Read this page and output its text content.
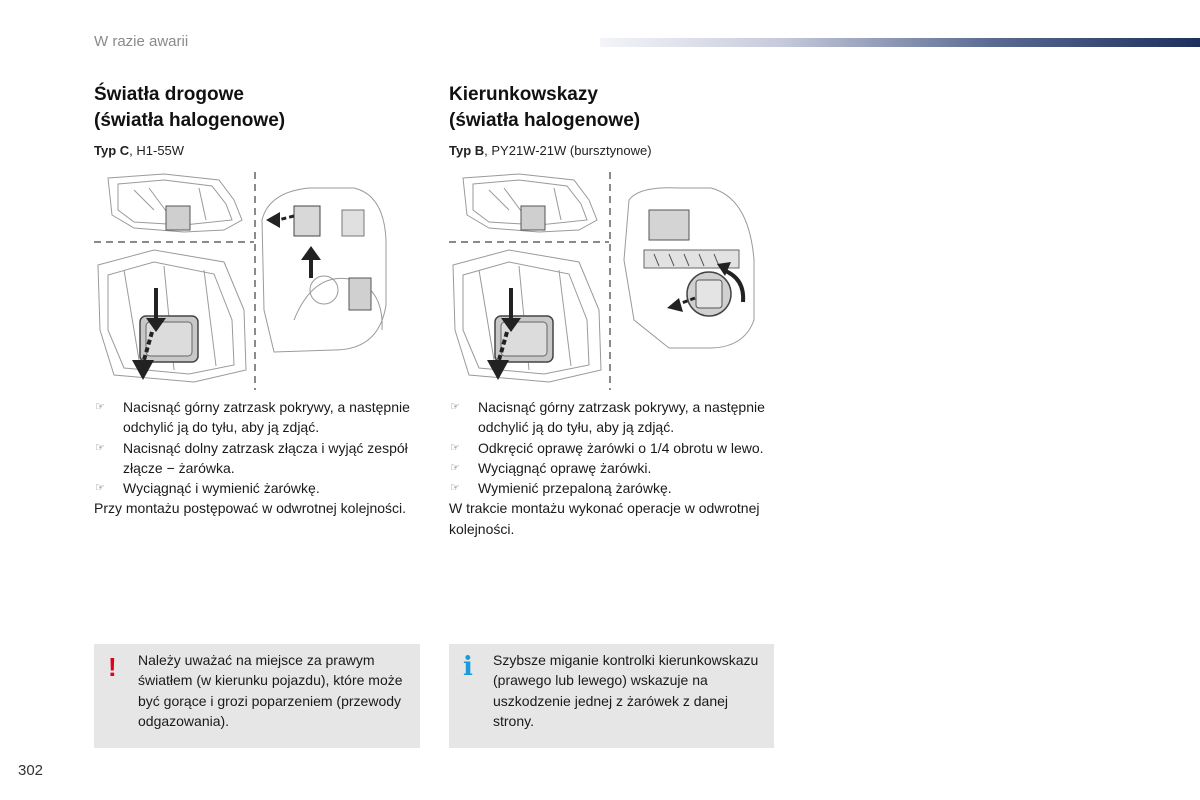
W razie awarii
Światła drogowe
(światła halogenowe)
Typ C, H1-55W
Kierunkowskazy
(światła halogenowe)
Typ B, PY21W-21W (bursztynowe)
☞ Nacisnąć górny zatrzask pokrywy, a następnie odchylić ją do tyłu, aby ją zdjąć.
☞ Nacisnąć dolny zatrzask złącza i wyjąć zespół złącze − żarówka.
☞ Wyciągnąć i wymienić żarówkę.
Przy montażu postępować w odwrotnej kolejności.
☞ Nacisnąć górny zatrzask pokrywy, a następnie odchylić ją do tyłu, aby ją zdjąć.
☞ Odkręcić oprawę żarówki o 1/4 obrotu w lewo.
☞ Wyciągnąć oprawę żarówki.
☞ Wymienić przepaloną żarówkę.
W trakcie montażu wykonać operacje w odwrotnej kolejności.
! Należy uważać na miejsce za prawym światłem (w kierunku pojazdu), które może być gorące i grozi poparzeniem (przewody odgazowania).
i Szybsze miganie kontrolki kierunkowskazu (prawego lub lewego) wskazuje na uszkodzenie jednej z żarówek z danej strony.
302
